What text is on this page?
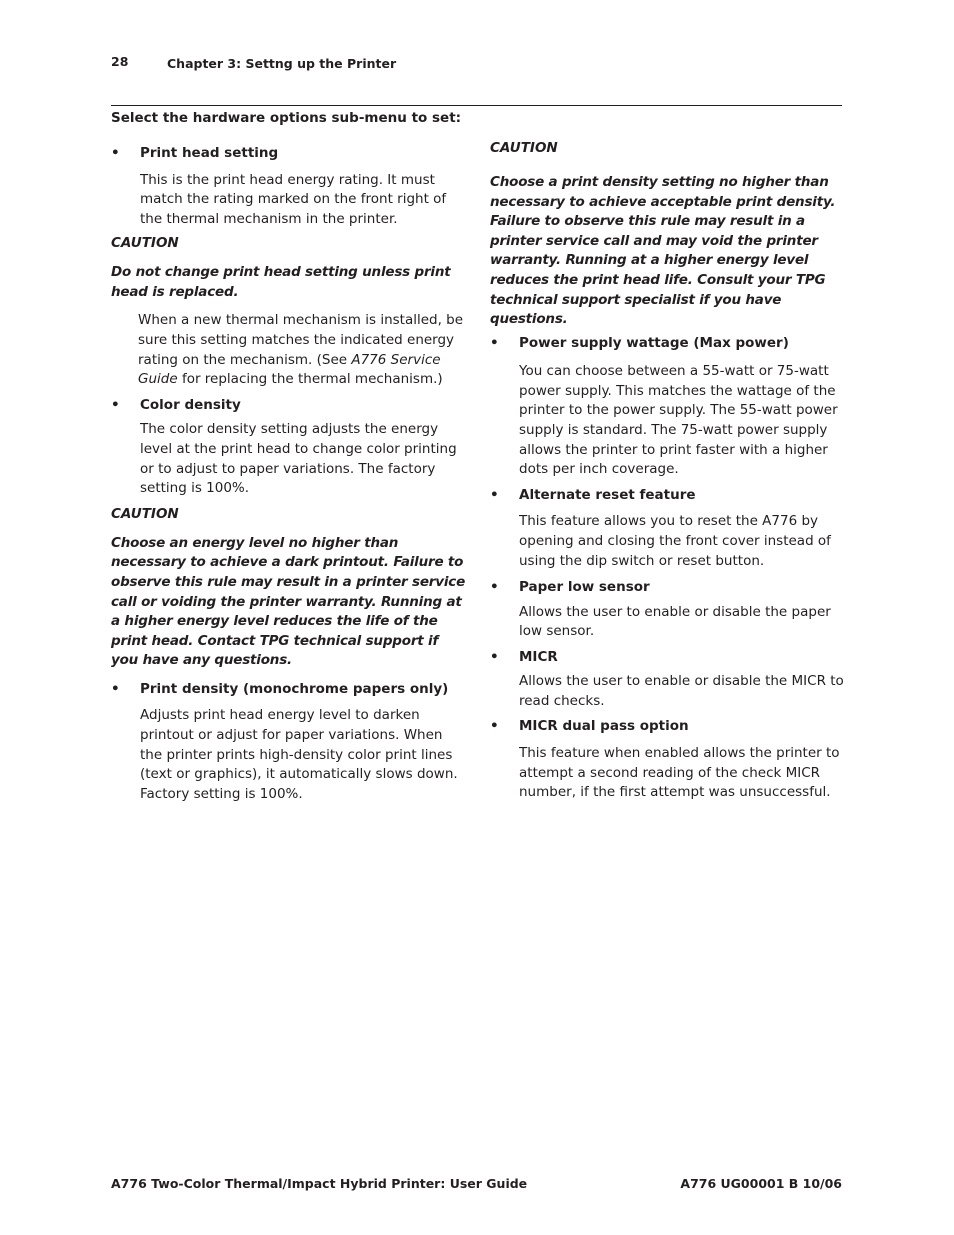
28	Chapter 3: Settng up the Printer

Select the hardware options sub-menu to set:

• Print head setting

This is the print head energy rating. It must match the rating marked on the front right of the thermal mechanism in the printer.

CAUTION
Do not change print head setting unless print head is replaced.

When a new thermal mechanism is installed, be sure this setting matches the indicated energy rating on the mechanism. (See A776 Service Guide for replacing the thermal mechanism.)

• Color density

The color density setting adjusts the energy level at the print head to change color printing or to adjust to paper variations. The factory setting is 100%.

CAUTION
Choose an energy level no higher than necessary to achieve a dark printout. Failure to observe this rule may result in a printer service call or voiding the printer warranty. Running at a higher energy level reduces the life of the print head. Contact TPG technical support if you have any questions.
• Print density (monochrome papers only)

Adjusts print head energy level to darken printout or adjust for paper variations. When the printer prints high-density color print lines (text or graphics), it automatically slows down. Factory setting is 100%.

CAUTION
Choose a print density setting no higher than necessary to achieve acceptable print density. Failure to observe this rule may result in a printer service call and may void the printer warranty. Running at a higher energy level reduces the print head life. Consult your TPG technical support specialist if you have questions.
• Power supply wattage (Max power)

You can choose between a 55-watt or 75-watt power supply. This matches the wattage of the printer to the power supply. The 55-watt power supply is standard. The 75-watt power supply allows the printer to print faster with a higher dots per inch coverage.

• Alternate reset feature

This feature allows you to reset the A776 by opening and closing the front cover instead of using the dip switch or reset button.

• Paper low sensor

Allows the user to enable or disable the paper low sensor.

• MICR

Allows the user to enable or disable the MICR to read checks.

• MICR dual pass option

This feature when enabled allows the printer to attempt a second reading of the check MICR number, if the first attempt was unsuccessful.

A776 Two-Color Thermal/Impact Hybrid Printer: User Guide	A776 UG00001 B 10/06
